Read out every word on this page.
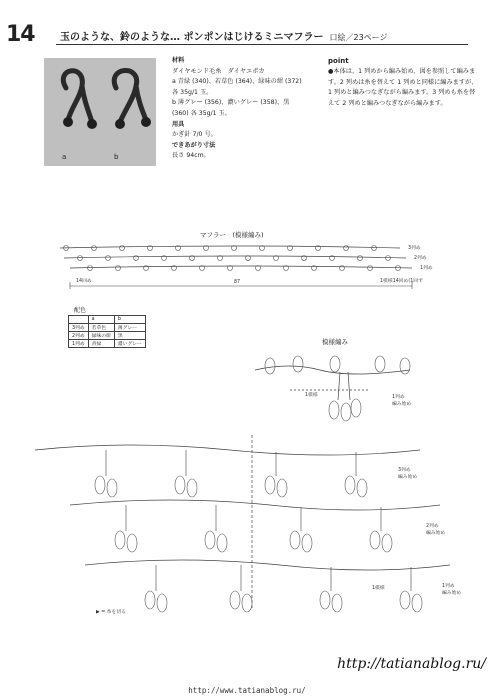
14	玉のような、鈴のような… ポンポンはじけるミニマフラー 口絵／23ページ
a	b
材料
ダイヤモンド毛糸　ダイヤエポカ
a 青緑 (340)、若草色 (364)、緑味の紺 (372)
各 35g/1 玉。
b 薄グレー (356)、濃いグレー (358)、黒
(360) 各 35g/1 玉。
用具
かぎ針 7/0 号。
できあがり寸法
長さ 94cm。
point
●本体は、1 列めから編み始め、図を参照して編みます。2 列めは糸を替えて 1 列めと同様に編みますが、1 列めと編みつなぎながら編みます。3 列めも糸を替えて 2 列めと編みつなぎながら編みます。
マフラー　(模様編み)
3列め
2列め
1列め
14回め	1模様14回め(1回ず
87
配色
	a	b
3列め	若草色	薄グレー
2列め	緑味の紺	黒
1列め	青緑	濃いグレー	模様編み
1模様	1列め
編み始め
3列め
編み始め
2列め
編み始め
1列め
編み始め
1模様
▶ = 糸を切る
http://tatianablog.ru/
http://www.tatianablog.ru/
